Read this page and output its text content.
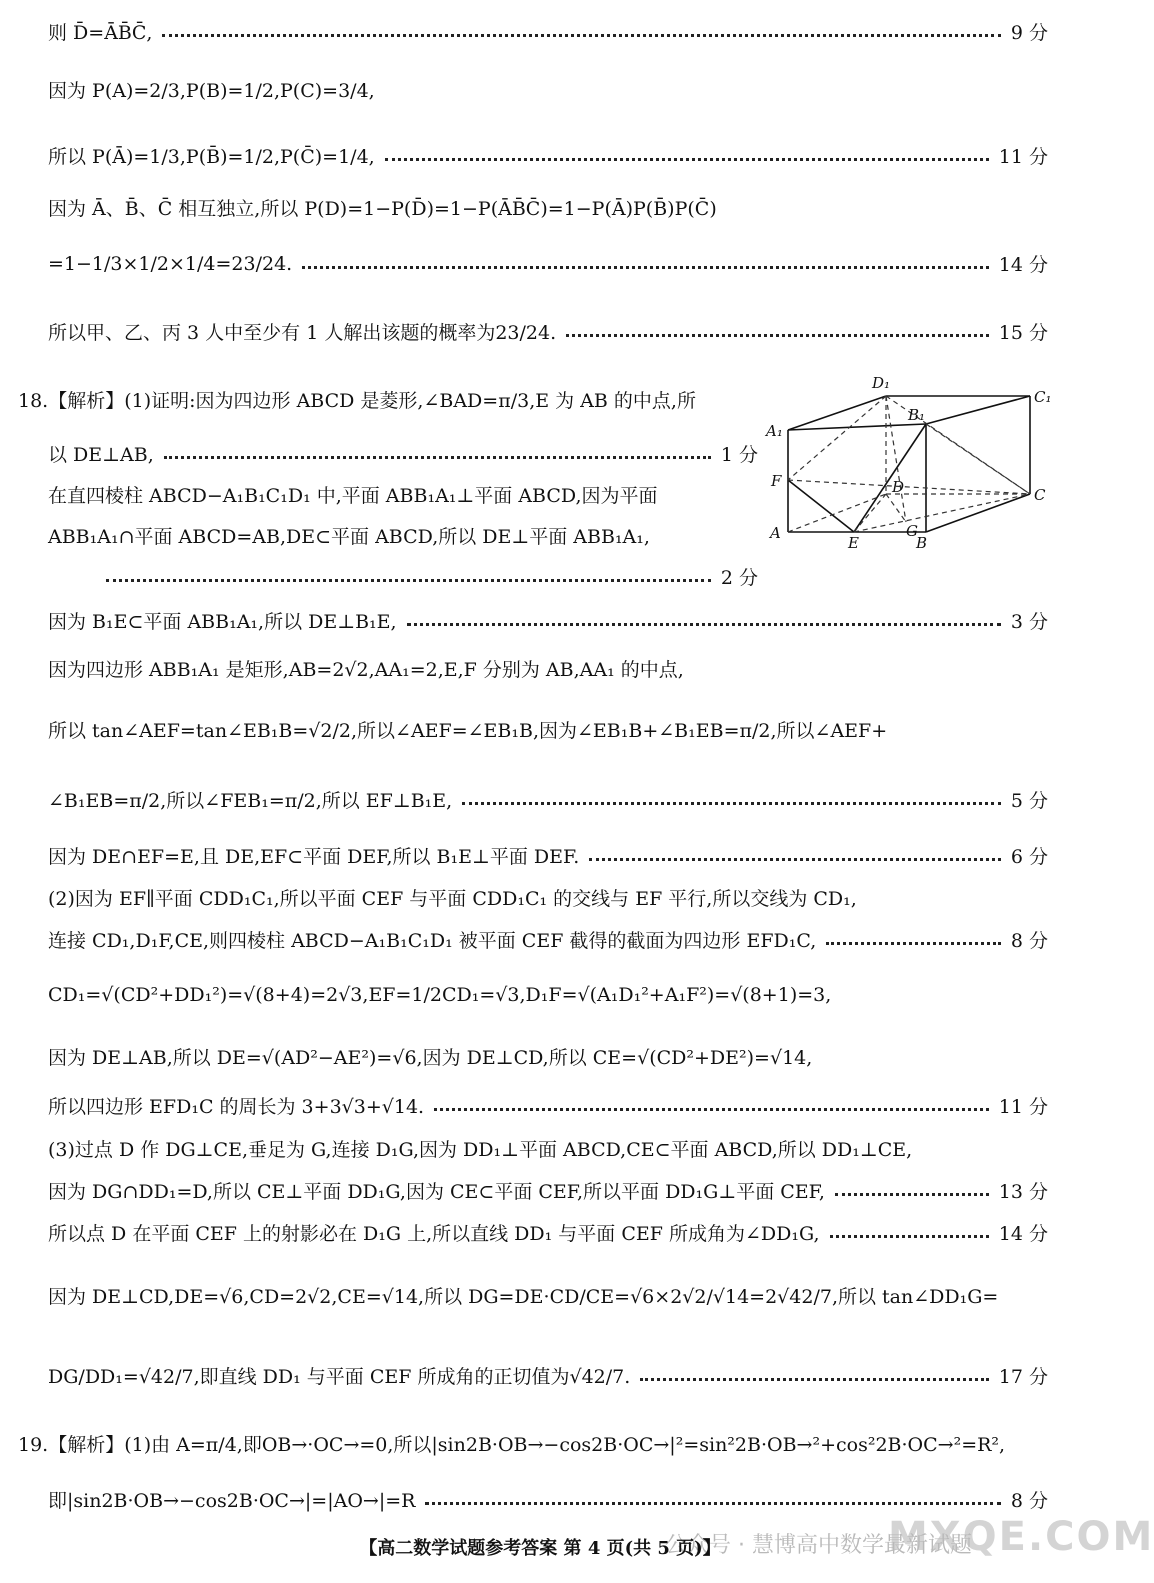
则 D̄=ĀB̄C̄,	9 分
因为 P(A)=2/3,P(B)=1/2,P(C)=3/4,
所以 P(Ā)=1/3,P(B̄)=1/2,P(C̄)=1/4,	11 分
因为 Ā、B̄、C̄ 相互独立,所以 P(D)=1−P(D̄)=1−P(ĀB̄C̄)=1−P(Ā)P(B̄)P(C̄)
=1−1/3×1/2×1/4=23/24.	14 分
所以甲、乙、丙 3 人中至少有 1 人解出该题的概率为23/24.	15 分
18.【解析】(1)证明:因为四边形 ABCD 是菱形,∠BAD=π/3,E 为 AB 的中点,所
以 DE⊥AB,	1 分
在直四棱柱 ABCD−A₁B₁C₁D₁ 中,平面 ABB₁A₁⊥平面 ABCD,因为平面
ABB₁A₁∩平面 ABCD=AB,DE⊂平面 ABCD,所以 DE⊥平面 ABB₁A₁,
2 分
因为 B₁E⊂平面 ABB₁A₁,所以 DE⊥B₁E,	3 分
因为四边形 ABB₁A₁ 是矩形,AB=2√2,AA₁=2,E,F 分别为 AB,AA₁ 的中点,
所以 tan∠AEF=tan∠EB₁B=√2/2,所以∠AEF=∠EB₁B,因为∠EB₁B+∠B₁EB=π/2,所以∠AEF+
∠B₁EB=π/2,所以∠FEB₁=π/2,所以 EF⊥B₁E,	5 分
因为 DE∩EF=E,且 DE,EF⊂平面 DEF,所以 B₁E⊥平面 DEF.	6 分
(2)因为 EF∥平面 CDD₁C₁,所以平面 CEF 与平面 CDD₁C₁ 的交线与 EF 平行,所以交线为 CD₁,
连接 CD₁,D₁F,CE,则四棱柱 ABCD−A₁B₁C₁D₁ 被平面 CEF 截得的截面为四边形 EFD₁C,	8 分
CD₁=√(CD²+DD₁²)=√(8+4)=2√3,EF=1/2CD₁=√3,D₁F=√(A₁D₁²+A₁F²)=√(8+1)=3,
因为 DE⊥AB,所以 DE=√(AD²−AE²)=√6,因为 DE⊥CD,所以 CE=√(CD²+DE²)=√14,
所以四边形 EFD₁C 的周长为 3+3√3+√14.	11 分
(3)过点 D 作 DG⊥CE,垂足为 G,连接 D₁G,因为 DD₁⊥平面 ABCD,CE⊂平面 ABCD,所以 DD₁⊥CE,
因为 DG∩DD₁=D,所以 CE⊥平面 DD₁G,因为 CE⊂平面 CEF,所以平面 DD₁G⊥平面 CEF,	13 分
所以点 D 在平面 CEF 上的射影必在 D₁G 上,所以直线 DD₁ 与平面 CEF 所成角为∠DD₁G,	14 分
因为 DE⊥CD,DE=√6,CD=2√2,CE=√14,所以 DG=DE·CD/CE=√6×2√2/√14=2√42/7,所以 tan∠DD₁G=
DG/DD₁=√42/7,即直线 DD₁ 与平面 CEF 所成角的正切值为√42/7.	17 分
19.【解析】(1)由 A=π/4,即OB→·OC→=0,所以|sin2B·OB→−cos2B·OC→|²=sin²2B·OB→²+cos²2B·OC→²=R²,
即|sin2B·OB→−cos2B·OC→|=|AO→|=R	8 分
D₁
C₁
B₁
A₁
F	D	C
A
E
G
B
MXQE.COM
公众号 · 慧博高中数学最新试题
【高二数学试题参考答案 第 4 页(共 5 页)】
